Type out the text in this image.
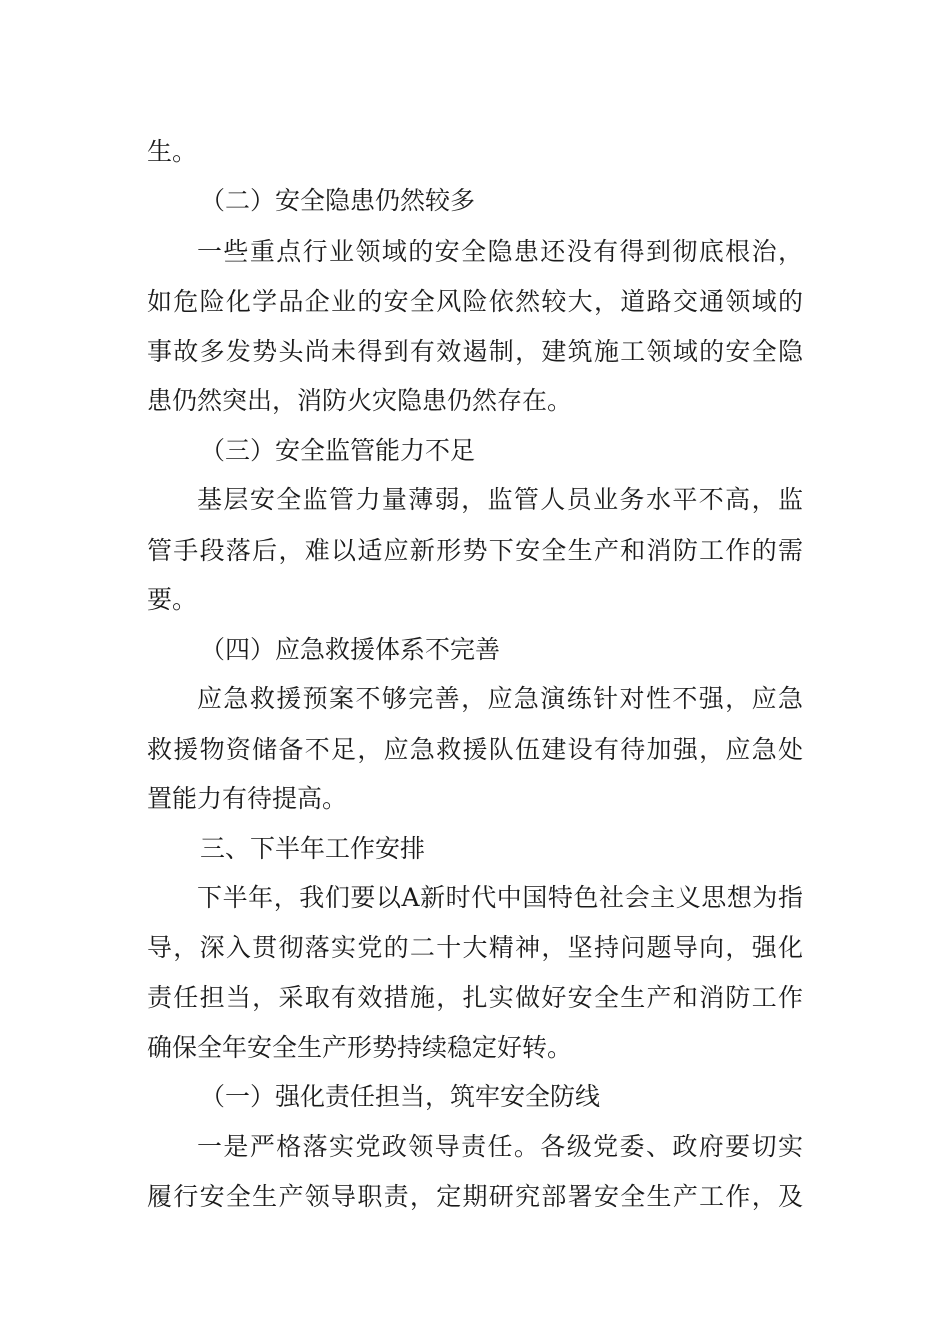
生。
（二）安全隐患仍然较多
一些重点行业领域的安全隐患还没有得到彻底根治，
如危险化学品企业的安全风险依然较大，道路交通领域的
事故多发势头尚未得到有效遏制，建筑施工领域的安全隐
患仍然突出，消防火灾隐患仍然存在。
（三）安全监管能力不足
基层安全监管力量薄弱，监管人员业务水平不高，监
管手段落后，难以适应新形势下安全生产和消防工作的需
要。
（四）应急救援体系不完善
应急救援预案不够完善，应急演练针对性不强，应急
救援物资储备不足，应急救援队伍建设有待加强，应急处
置能力有待提高。
三、下半年工作安排
下半年，我们要以A新时代中国特色社会主义思想为指
导，深入贯彻落实党的二十大精神，坚持问题导向，强化
责任担当，采取有效措施，扎实做好安全生产和消防工作
确保全年安全生产形势持续稳定好转。
（一）强化责任担当，筑牢安全防线
一是严格落实党政领导责任。各级党委、政府要切实
履行安全生产领导职责，定期研究部署安全生产工作，及
